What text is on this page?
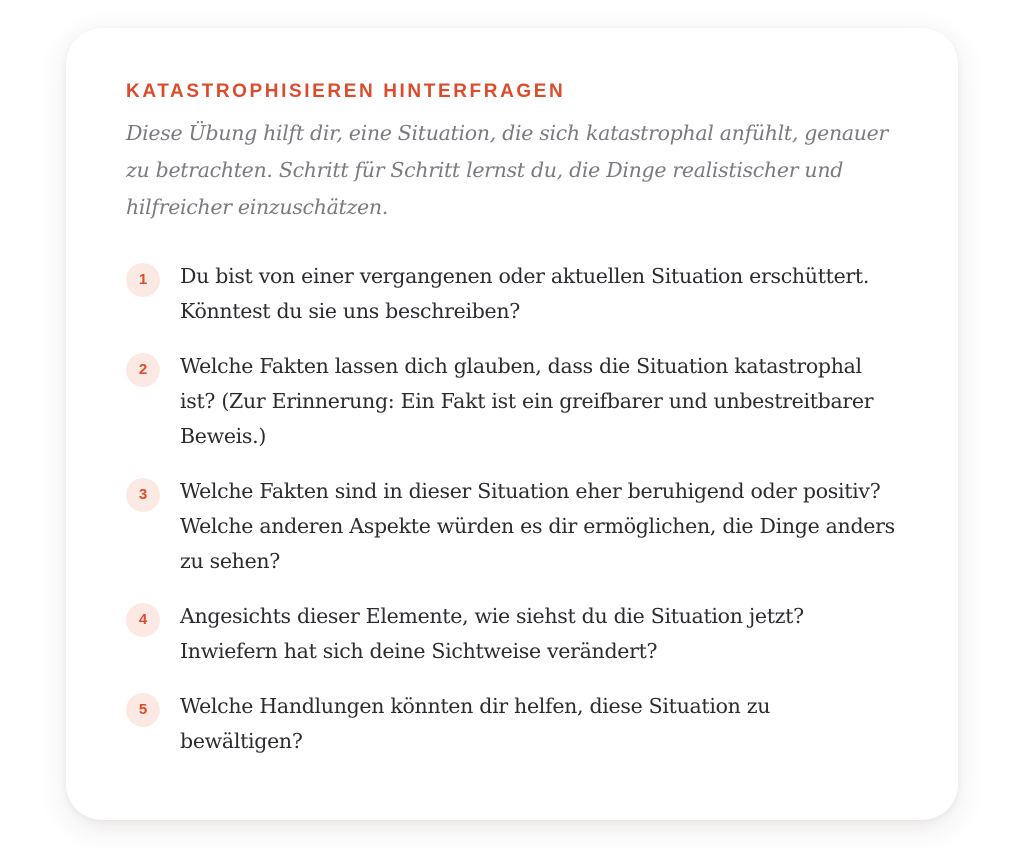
KATASTROPHISIEREN HINTERFRAGEN

Diese Übung hilft dir, eine Situation, die sich katastrophal anfühlt, genauer zu betrachten. Schritt für Schritt lernst du, die Dinge realistischer und hilfreicher einzuschätzen.

1	Du bist von einer vergangenen oder aktuellen Situation erschüttert. Könntest du sie uns beschreiben?

2	Welche Fakten lassen dich glauben, dass die Situation katastrophal ist? (Zur Erinnerung: Ein Fakt ist ein greifbarer und unbestreitbarer Beweis.)

3	Welche Fakten sind in dieser Situation eher beruhigend oder positiv? Welche anderen Aspekte würden es dir ermöglichen, die Dinge anders zu sehen?

4	Angesichts dieser Elemente, wie siehst du die Situation jetzt? Inwiefern hat sich deine Sichtweise verändert?

5	Welche Handlungen könnten dir helfen, diese Situation zu bewältigen?
